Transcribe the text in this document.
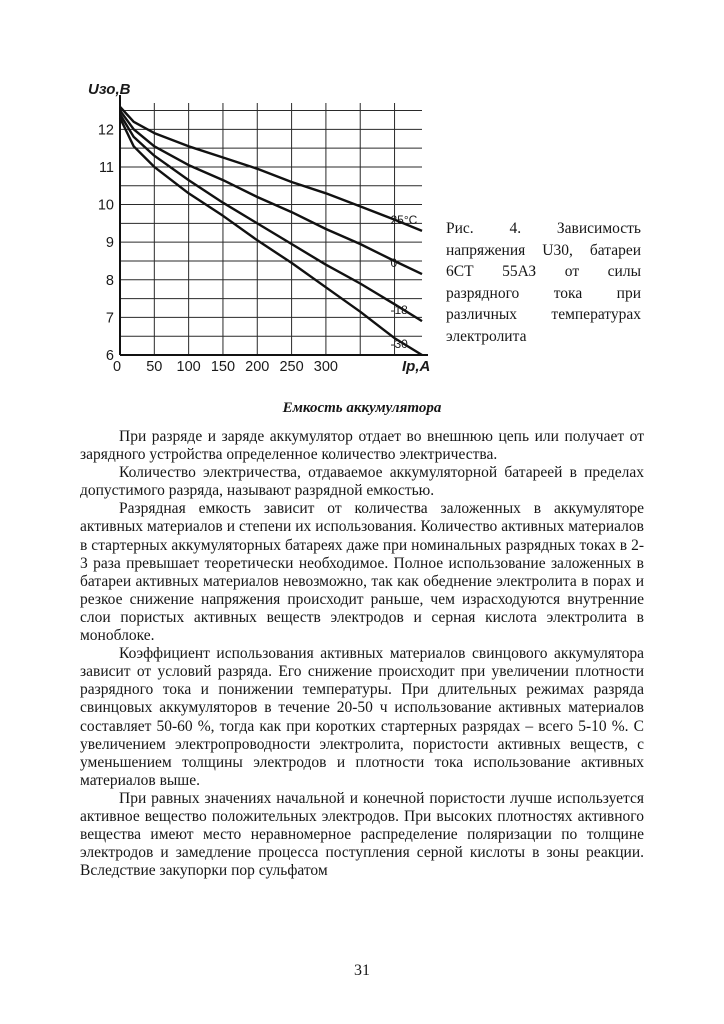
25°C
0
-18
-30
0 50 100 150 200 250 300
6
7
8
9
10
11
12
Uзо,В
Iр,А
Рис. 4. Зависимость напряжения U30, батареи 6СТ 55АЗ от силы разрядного тока при различных температурах электролита
Емкость аккумулятора

При разряде и заряде аккумулятор отдает во внешнюю цепь или получает от зарядного устройства определенное количество электричества.

Количество электричества, отдаваемое аккумуляторной батареей в пределах допустимого разряда, называют разрядной емкостью.

Разрядная емкость зависит от количества заложенных в аккумуляторе активных материалов и степени их использования. Количество активных материалов в стартерных аккумуляторных батареях даже при номинальных разрядных токах в 2-3 раза превышает теоретически необходимое. Полное использование заложенных в батареи активных материалов невозможно, так как обеднение электролита в порах и резкое снижение напряжения происходит раньше, чем израсходуются внутренние слои пористых активных веществ электродов и серная кислота электролита в моноблоке.

Коэффициент использования активных материалов свинцового аккумулятора зависит от условий разряда. Его снижение происходит при увеличении плотности разрядного тока и понижении температуры. При длительных режимах разряда свинцовых аккумуляторов в течение 20-50 ч использование активных материалов составляет 50-60 %, тогда как при коротких стартерных разрядах – всего 5-10 %. С увеличением электропроводности электролита, пористости активных веществ, с уменьшением толщины электродов и плотности тока использование активных материалов выше.

При равных значениях начальной и конечной пористости лучше используется активное вещество положительных электродов. При высоких плотностях активного вещества имеют место неравномерное распределение поляризации по толщине электродов и замедление процесса поступления серной кислоты в зоны реакции. Вследствие закупорки пор сульфатом

31
